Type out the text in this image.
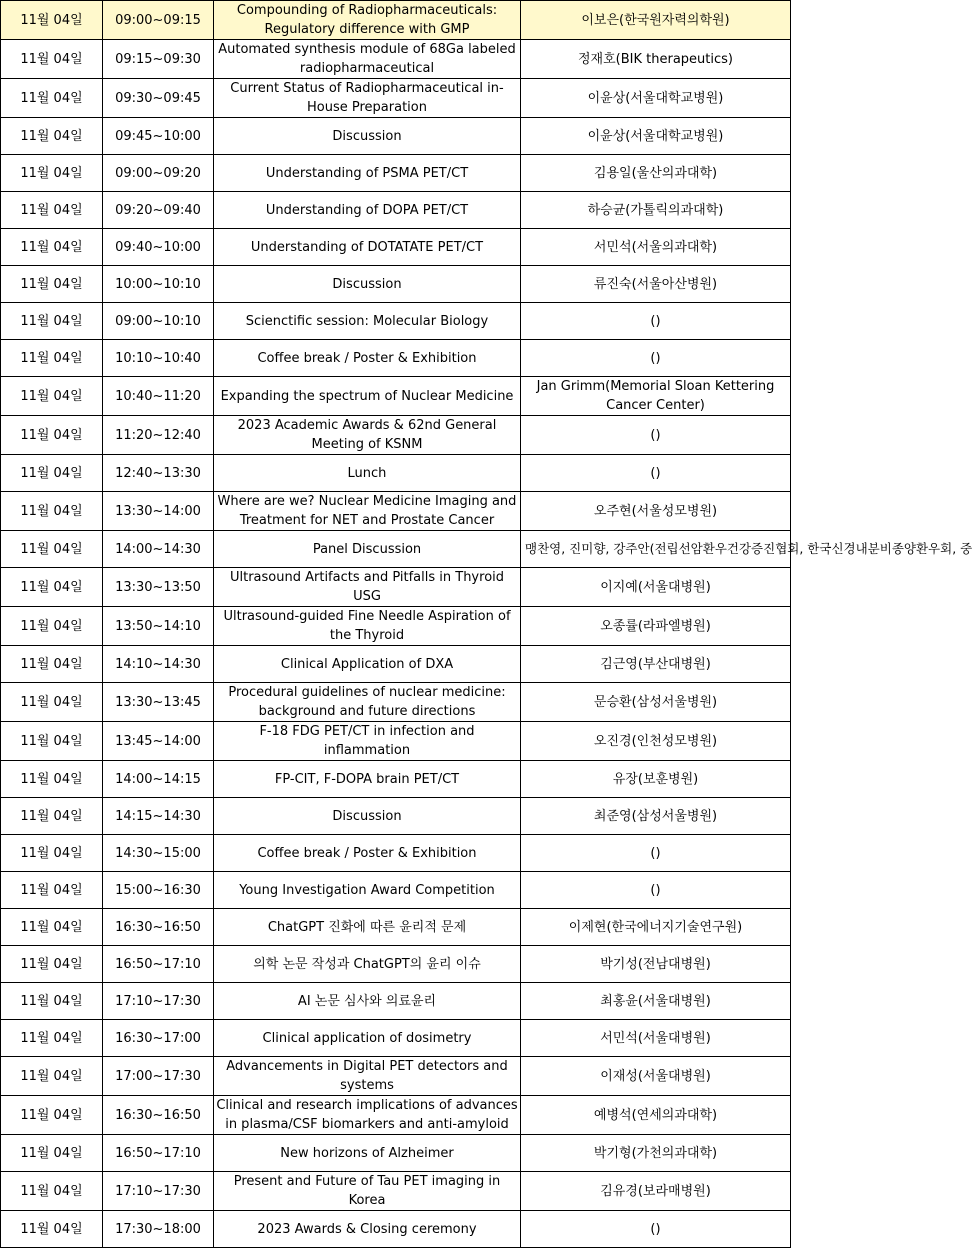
11월 04일	09:00~09:15	Compounding of Radiopharmaceuticals: Regulatory difference with GMP	이보은(한국원자력의학원)
11월 04일	09:15~09:30	Automated synthesis module of 68Ga labeled radiopharmaceutical	정재호(BIK therapeutics)
11월 04일	09:30~09:45	Current Status of Radiopharmaceutical in-House Preparation	이윤상(서울대학교병원)
11월 04일	09:45~10:00	Discussion	이윤상(서울대학교병원)
11월 04일	09:00~09:20	Understanding of PSMA PET/CT	김용일(울산의과대학)
11월 04일	09:20~09:40	Understanding of DOPA PET/CT	하승균(가톨릭의과대학)
11월 04일	09:40~10:00	Understanding of DOTATATE PET/CT	서민석(서울의과대학)
11월 04일	10:00~10:10	Discussion	류진숙(서울아산병원)
11월 04일	09:00~10:10	Scienctific session: Molecular Biology	()
11월 04일	10:10~10:40	Coffee break / Poster & Exhibition	()
11월 04일	10:40~11:20	Expanding the spectrum of Nuclear Medicine	Jan Grimm(Memorial Sloan Kettering Cancer Center)
11월 04일	11:20~12:40	2023 Academic Awards & 62nd General Meeting of KSNM	()
11월 04일	12:40~13:30	Lunch	()
11월 04일	13:30~14:00	Where are we? Nuclear Medicine Imaging and Treatment for NET and Prostate Cancer	오주현(서울성모병원)
11월 04일	14:00~14:30	Panel Discussion	맹찬영, 진미향, 강주안(전립선암환우건강증진협회, 한국신경내분비종양환우회, 중
11월 04일	13:30~13:50	Ultrasound Artifacts and Pitfalls in Thyroid USG	이지예(서울대병원)
11월 04일	13:50~14:10	Ultrasound-guided Fine Needle Aspiration of the Thyroid	오종률(라파엘병원)
11월 04일	14:10~14:30	Clinical Application of DXA	김근영(부산대병원)
11월 04일	13:30~13:45	Procedural guidelines of nuclear medicine: background and future directions	문승환(삼성서울병원)
11월 04일	13:45~14:00	F-18 FDG PET/CT in infection and inflammation	오진경(인천성모병원)
11월 04일	14:00~14:15	FP-CIT, F-DOPA brain PET/CT	유장(보훈병원)
11월 04일	14:15~14:30	Discussion	최준영(삼성서울병원)
11월 04일	14:30~15:00	Coffee break / Poster & Exhibition	()
11월 04일	15:00~16:30	Young Investigation Award Competition	()
11월 04일	16:30~16:50	ChatGPT 진화에 따른 윤리적 문제	이제현(한국에너지기술연구원)
11월 04일	16:50~17:10	의학 논문 작성과 ChatGPT의 윤리 이슈	박기성(전남대병원)
11월 04일	17:10~17:30	AI 논문 심사와 의료윤리	최홍윤(서울대병원)
11월 04일	16:30~17:00	Clinical application of dosimetry	서민석(서울대병원)
11월 04일	17:00~17:30	Advancements in Digital PET detectors and systems	이재성(서울대병원)
11월 04일	16:30~16:50	Clinical and research implications of advances in plasma/CSF biomarkers and anti-amyloid	예병석(연세의과대학)
11월 04일	16:50~17:10	New horizons of Alzheimer	박기형(가천의과대학)
11월 04일	17:10~17:30	Present and Future of Tau PET imaging in Korea	김유경(보라매병원)
11월 04일	17:30~18:00	2023 Awards & Closing ceremony	()
